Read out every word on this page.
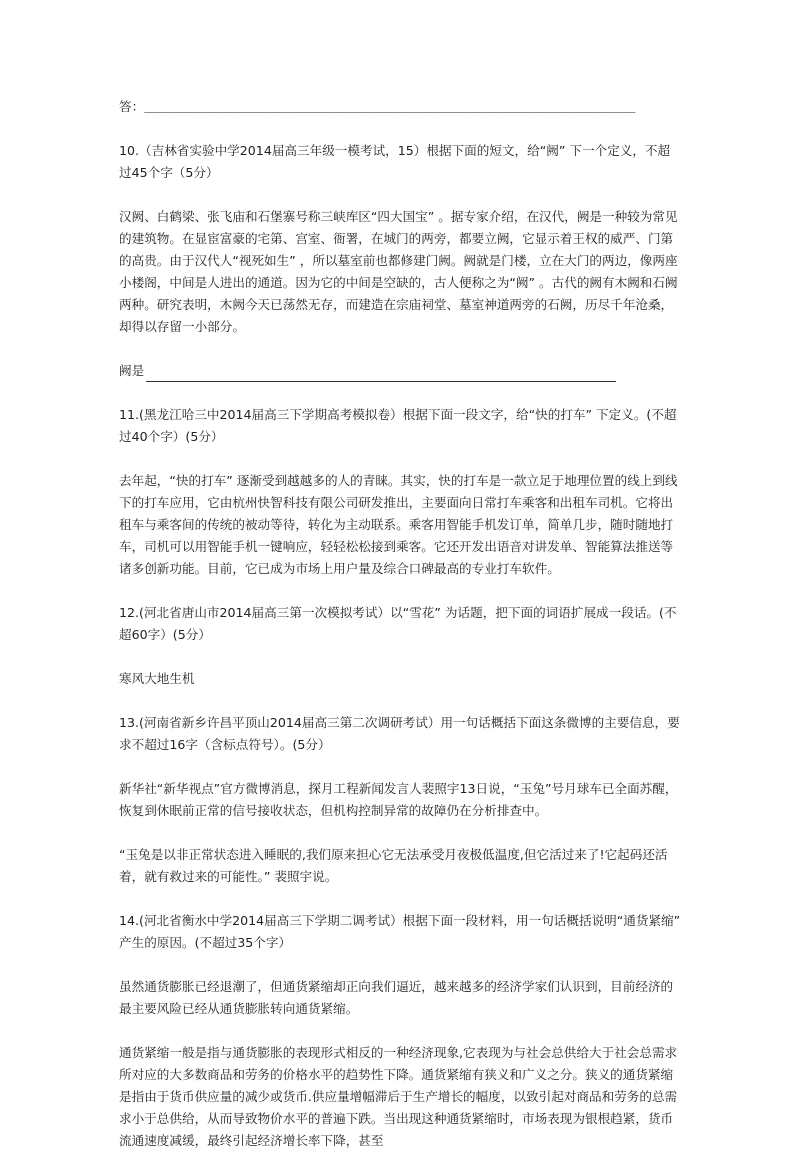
答：＿＿＿＿＿＿＿＿＿＿＿＿＿＿＿＿＿＿＿＿＿＿＿＿＿＿＿＿＿＿＿＿＿＿＿＿＿＿＿

10.（吉林省实验中学2014届高三年级一模考试，15）根据下面的短文，给“阙” 下一个定义，不超过45个字（5分）

汉阙、白鹤梁、张飞庙和石堡寨号称三峡库区“四大国宝” 。据专家介绍，在汉代，阙是一种较为常见的建筑物。在显宦富豪的宅第、宫室、衙署，在城门的两旁，都要立阙，它显示着王权的威严、门第的高贵。由于汉代人“视死如生” ，所以墓室前也都修建门阙。阙就是门楼，立在大门的两边，像两座小楼阁，中间是人进出的通道。因为它的中间是空缺的，古人便称之为“阙” 。古代的阙有木阙和石阙两种。研究表明，木阙今天已荡然无存，而建造在宗庙祠堂、墓室神道两旁的石阙，历尽千年沧桑，却得以存留一小部分。

阙是

11.(黑龙江哈三中2014届高三下学期高考模拟卷）根据下面一段文字，给“快的打车” 下定义。(不超过40个字）(5分）

去年起，“快的打车” 逐渐受到越越多的人的青睐。其实，快的打车是一款立足于地理位置的线上到线下的打车应用，它由杭州快智科技有限公司研发推出，主要面向日常打车乘客和出租车司机。它将出租车与乘客间的传统的被动等待，转化为主动联系。乘客用智能手机发订单，简单几步，随时随地打车，司机可以用智能手机一键响应，轻轻松松接到乘客。它还开发出语音对讲发单、智能算法推送等诸多创新功能。目前，它已成为市场上用户量及综合口碑最高的专业打车软件。

12.(河北省唐山市2014届高三第一次模拟考试）以“雪花” 为话题，把下面的词语扩展成一段话。(不超60字）(5分）

寒风大地生机

13.(河南省新乡许昌平顶山2014届高三第二次调研考试）用一句话概括下面这条微博的主要信息，要求不超过16字（含标点符号）。(5分）

新华社“新华视点”官方微博消息，探月工程新闻发言人裴照宇13日说，“玉兔”号月球车已全面苏醒，恢复到休眠前正常的信号接收状态，但机构控制异常的故障仍在分析排查中。

“玉兔是以非正常状态进入睡眠的,我们原来担心它无法承受月夜极低温度,但它活过来了!它起码还活着，就有救过来的可能性。” 裴照宇说。

14.(河北省衡水中学2014届高三下学期二调考试）根据下面一段材料，用一句话概括说明“通货紧缩” 产生的原因。(不超过35个字）

虽然通货膨胀已经退潮了，但通货紧缩却正向我们逼近，越来越多的经济学家们认识到，目前经济的最主要风险已经从通货膨胀转向通货紧缩。

通货紧缩一般是指与通货膨胀的表现形式相反的一种经济现象,它表现为与社会总供给大于社会总需求所对应的大多数商品和劳务的价格水平的趋势性下降。通货紧缩有狭义和广义之分。狭义的通货紧缩是指由于货币供应量的减少或货币.供应量增幅滞后于生产增长的幅度，以致引起对商品和劳务的总需求小于总供给，从而导致物价水平的普遍下跌。当出现这种通货紧缩时，市场表现为银根趋紧，货币流通速度减缓，最终引起经济增长率下降，甚至
